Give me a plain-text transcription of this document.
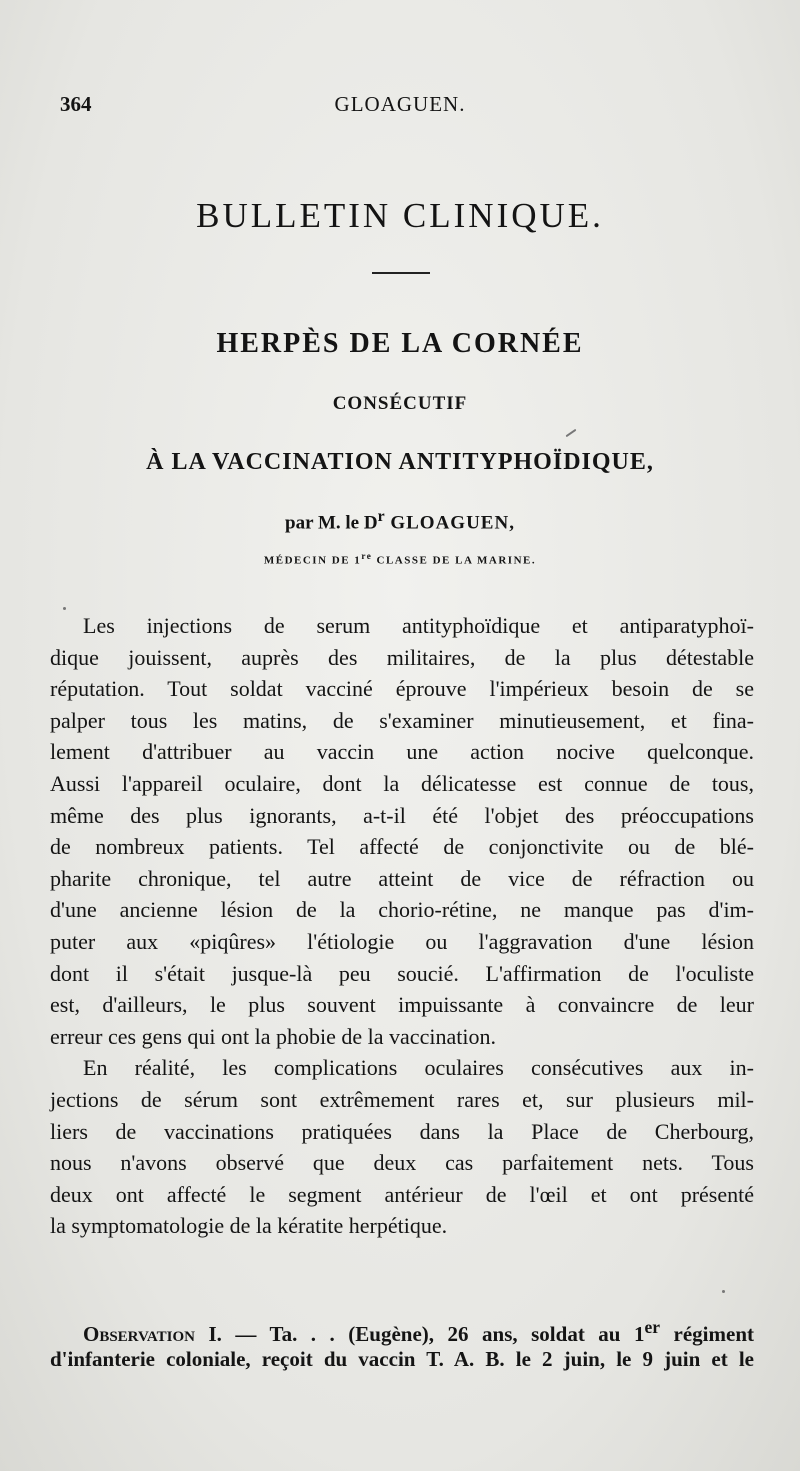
364	GLOAGUEN.
BULLETIN CLINIQUE.
HERPÈS DE LA CORNÉE
CONSÉCUTIF
À LA VACCINATION ANTITYPHOÏDIQUE,
par M. le $D^r$ GLOAGUEN,
MÉDECIN DE 1re CLASSE DE LA MARINE.
Les injections de serum antityphoïdique et antiparatyphoï-
dique jouissent, auprès des militaires, de la plus détestable
réputation. Tout soldat vacciné éprouve l'impérieux besoin de se
palper tous les matins, de s'examiner minutieusement, et fina-
lement d'attribuer au vaccin une action nocive quelconque.
Aussi l'appareil oculaire, dont la délicatesse est connue de tous,
même des plus ignorants, a-t-il été l'objet des préoccupations
de nombreux patients. Tel affecté de conjonctivite ou de blé-
pharite chronique, tel autre atteint de vice de réfraction ou
d'une ancienne lésion de la chorio-rétine, ne manque pas d'im-
puter aux «piqûres» l'étiologie ou l'aggravation d'une lésion
dont il s'était jusque-là peu soucié. L'affirmation de l'oculiste
est, d'ailleurs, le plus souvent impuissante à convaincre de leur
erreur ces gens qui ont la phobie de la vaccination.
En réalité, les complications oculaires consécutives aux in-
jections de sérum sont extrêmement rares et, sur plusieurs mil-
liers de vaccinations pratiquées dans la Place de Cherbourg,
nous n'avons observé que deux cas parfaitement nets. Tous
deux ont affecté le segment antérieur de l'œil et ont présenté
la symptomatologie de la kératite herpétique.
Observation I. — Ta. . . (Eugène), 26 ans, soldat au 1er régiment
d'infanterie coloniale, reçoit du vaccin T. A. B. le 2 juin, le 9 juin et le
